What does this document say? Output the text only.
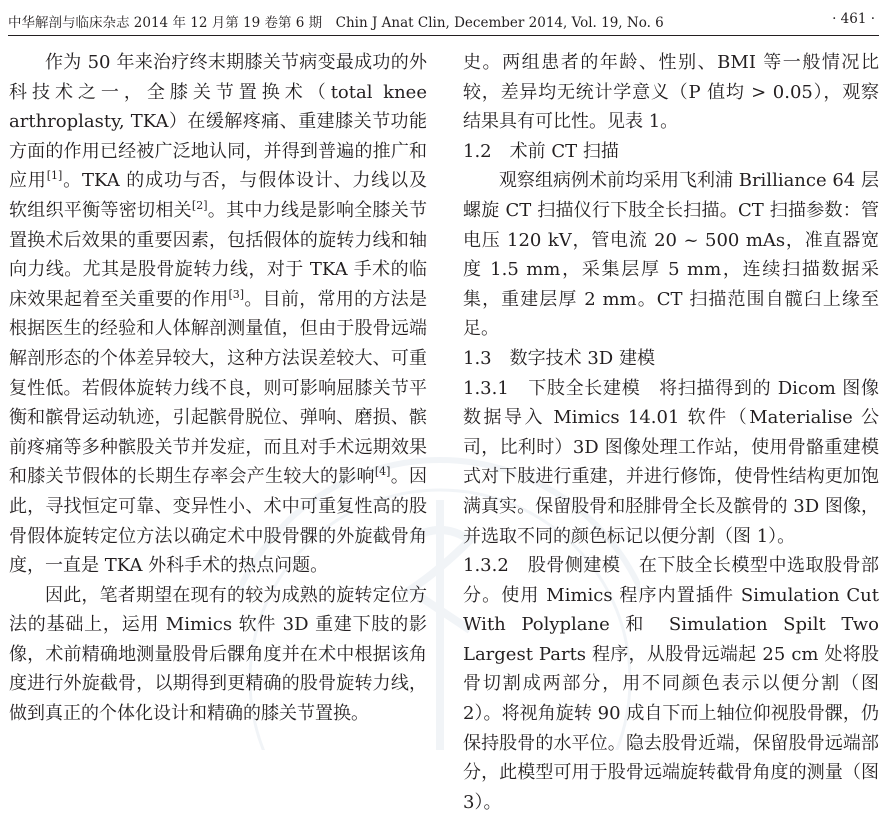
中华解剖与临床杂志 2014 年 12 月第 19 卷第 6 期　Chin J Anat Clin, December 2014, Vol. 19, No. 6	· 461 ·

作为 50 年来治疗终末期膝关节病变最成功的外科技术之一，全膝关节置换术（total knee arthroplasty, TKA）在缓解疼痛、重建膝关节功能方面的作用已经被广泛地认同，并得到普遍的推广和应用[1]。TKA 的成功与否，与假体设计、力线以及软组织平衡等密切相关[2]。其中力线是影响全膝关节置换术后效果的重要因素，包括假体的旋转力线和轴向力线。尤其是股骨旋转力线，对于 TKA 手术的临床效果起着至关重要的作用[3]。目前，常用的方法是根据医生的经验和人体解剖测量值，但由于股骨远端解剖形态的个体差异较大，这种方法误差较大、可重复性低。若假体旋转力线不良，则可影响屈膝关节平衡和髌骨运动轨迹，引起髌骨脱位、弹响、磨损、髌前疼痛等多种髌股关节并发症，而且对手术远期效果和膝关节假体的长期生存率会产生较大的影响[4]。因此，寻找恒定可靠、变异性小、术中可重复性高的股骨假体旋转定位方法以确定术中股骨髁的外旋截骨角度，一直是 TKA 外科手术的热点问题。

因此，笔者期望在现有的较为成熟的旋转定位方法的基础上，运用 Mimics 软件 3D 重建下肢的影像，术前精确地测量股骨后髁角度并在术中根据该角度进行外旋截骨，以期得到更精确的股骨旋转力线，做到真正的个体化设计和精确的膝关节置换。

史。两组患者的年龄、性别、BMI 等一般情况比较，差异均无统计学意义（P 值均 > 0.05），观察结果具有可比性。见表 1。

1.2　术前 CT 扫描

观察组病例术前均采用飞利浦 Brilliance 64 层螺旋 CT 扫描仪行下肢全长扫描。CT 扫描参数：管电压 120 kV，管电流 20 ~ 500 mAs，准直器宽度 1.5 mm，采集层厚 5 mm，连续扫描数据采集，重建层厚 2 mm。CT 扫描范围自髋臼上缘至足。

1.3　数字技术 3D 建模

1.3.1　下肢全长建模　将扫描得到的 Dicom 图像数据导入 Mimics 14.01 软件（Materialise 公司，比利时）3D 图像处理工作站，使用骨骼重建模式对下肢进行重建，并进行修饰，使骨性结构更加饱满真实。保留股骨和胫腓骨全长及髌骨的 3D 图像，并选取不同的颜色标记以便分割（图 1）。

1.3.2　股骨侧建模　在下肢全长模型中选取股骨部分。使用 Mimics 程序内置插件 Simulation Cut With Polyplane 和 Simulation Spilt Two Largest Parts 程序，从股骨远端起 25 cm 处将股骨切割成两部分，用不同颜色表示以便分割（图 2）。将视角旋转 90 成自下而上轴位仰视股骨髁，仍保持股骨的水平位。隐去股骨近端，保留股骨远端部分，此模型可用于股骨远端旋转截骨角度的测量（图 3）。
